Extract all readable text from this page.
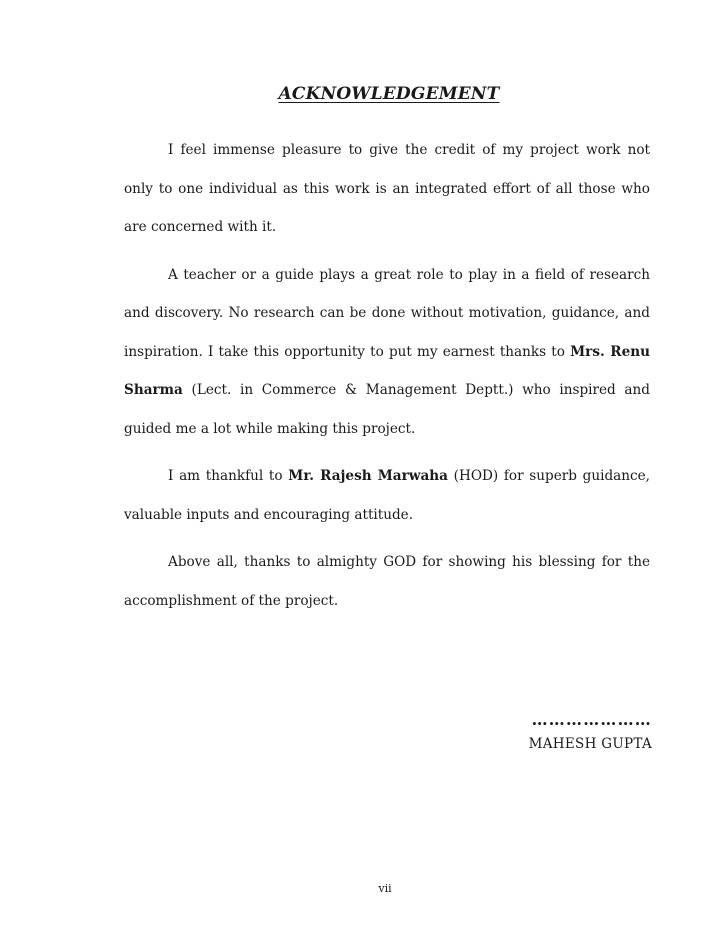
ACKNOWLEDGEMENT

I feel immense pleasure to give the credit of my project work not only to one individual as this work is an integrated effort of all those who are concerned with it.

A teacher or a guide plays a great role to play in a field of research and discovery. No research can be done without motivation, guidance, and inspiration. I take this opportunity to put my earnest thanks to Mrs. Renu Sharma (Lect. in Commerce & Management Deptt.) who inspired and guided me a lot while making this project.

I am thankful to Mr. Rajesh Marwaha (HOD) for superb guidance, valuable inputs and encouraging attitude.

Above all, thanks to almighty GOD for showing his blessing for the accomplishment of the project.

…………………
MAHESH GUPTA
vii
